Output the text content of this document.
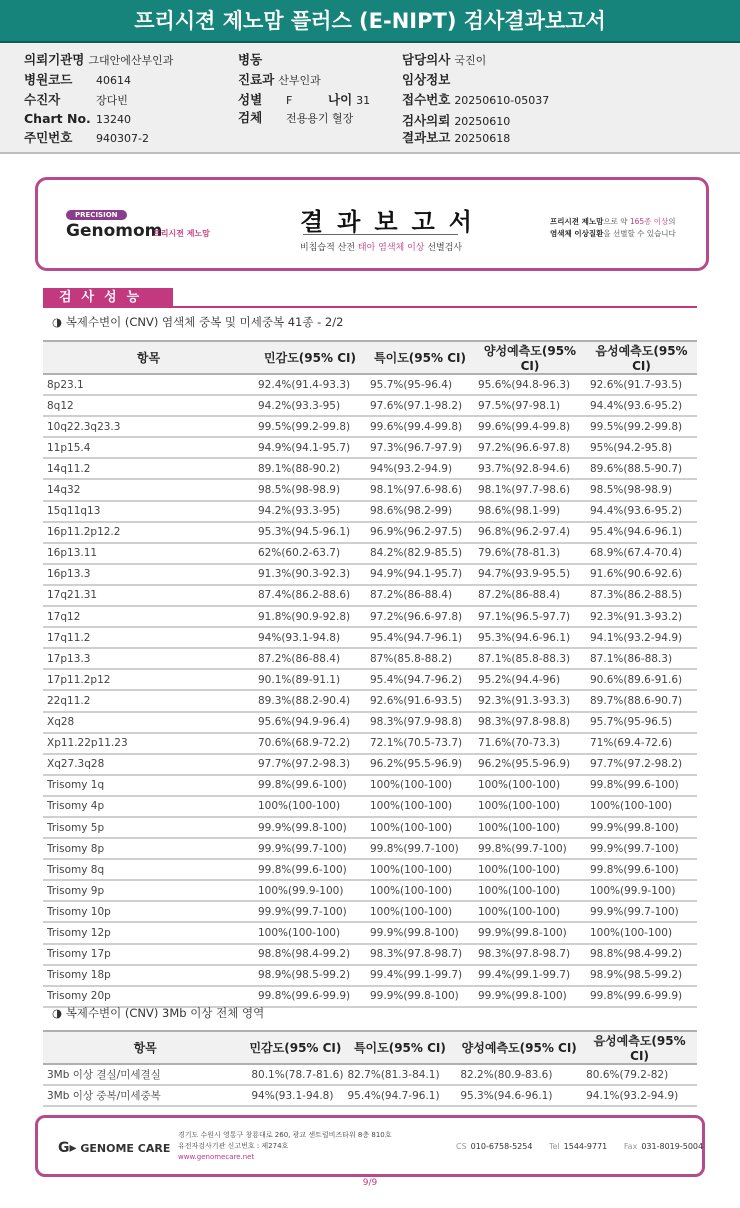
프리시젼 제노맘 플러스 (E-NIPT) 검사결과보고서
의뢰기관명 그대안에산부인과
병원코드 40614
수진자	장다빈
Chart No. 13240
주민번호 940307-2
병동
진료과 산부인과
성별 F	나이 31
검체 전용용기 혈장
담당의사 국진이
임상정보
접수번호 20250610-05037
검사의뢰 20250610
결과보고 20250618
PRECISION
Genomom
프리시젼 제노맘	결과보고서
비침습적 산전 태아 염색체 이상 선별검사
프리시젼 제노맘으로 약 165종 이상의
염색체 이상질환을 선별할 수 있습니다
검사성능
◑ 복제수변이 (CNV) 염색체 중복 및 미세중복 41종 - 2/2
항목	민감도(95% CI)	특이도(95% CI)	양성예측도(95% CI)	음성예측도(95% CI)
8p23.1	92.4%(91.4-93.3)	95.7%(95-96.4)	95.6%(94.8-96.3)	92.6%(91.7-93.5)
8q12	94.2%(93.3-95)	97.6%(97.1-98.2)	97.5%(97-98.1)	94.4%(93.6-95.2)
10q22.3q23.3	99.5%(99.2-99.8)	99.6%(99.4-99.8)	99.6%(99.4-99.8)	99.5%(99.2-99.8)
11p15.4	94.9%(94.1-95.7)	97.3%(96.7-97.9)	97.2%(96.6-97.8)	95%(94.2-95.8)
14q11.2	89.1%(88-90.2)	94%(93.2-94.9)	93.7%(92.8-94.6)	89.6%(88.5-90.7)
14q32	98.5%(98-98.9)	98.1%(97.6-98.6)	98.1%(97.7-98.6)	98.5%(98-98.9)
15q11q13	94.2%(93.3-95)	98.6%(98.2-99)	98.6%(98.1-99)	94.4%(93.6-95.2)
16p11.2p12.2	95.3%(94.5-96.1)	96.9%(96.2-97.5)	96.8%(96.2-97.4)	95.4%(94.6-96.1)
16p13.11	62%(60.2-63.7)	84.2%(82.9-85.5)	79.6%(78-81.3)	68.9%(67.4-70.4)
16p13.3	91.3%(90.3-92.3)	94.9%(94.1-95.7)	94.7%(93.9-95.5)	91.6%(90.6-92.6)
17q21.31	87.4%(86.2-88.6)	87.2%(86-88.4)	87.2%(86-88.4)	87.3%(86.2-88.5)
17q12	91.8%(90.9-92.8)	97.2%(96.6-97.8)	97.1%(96.5-97.7)	92.3%(91.3-93.2)
17q11.2	94%(93.1-94.8)	95.4%(94.7-96.1)	95.3%(94.6-96.1)	94.1%(93.2-94.9)
17p13.3	87.2%(86-88.4)	87%(85.8-88.2)	87.1%(85.8-88.3)	87.1%(86-88.3)
17p11.2p12	90.1%(89-91.1)	95.4%(94.7-96.2)	95.2%(94.4-96)	90.6%(89.6-91.6)
22q11.2	89.3%(88.2-90.4)	92.6%(91.6-93.5)	92.3%(91.3-93.3)	89.7%(88.6-90.7)
Xq28	95.6%(94.9-96.4)	98.3%(97.9-98.8)	98.3%(97.8-98.8)	95.7%(95-96.5)
Xp11.22p11.23	70.6%(68.9-72.2)	72.1%(70.5-73.7)	71.6%(70-73.3)	71%(69.4-72.6)
Xq27.3q28	97.7%(97.2-98.3)	96.2%(95.5-96.9)	96.2%(95.5-96.9)	97.7%(97.2-98.2)
Trisomy 1q	99.8%(99.6-100)	100%(100-100)	100%(100-100)	99.8%(99.6-100)
Trisomy 4p	100%(100-100)	100%(100-100)	100%(100-100)	100%(100-100)
Trisomy 5p	99.9%(99.8-100)	100%(100-100)	100%(100-100)	99.9%(99.8-100)
Trisomy 8p	99.9%(99.7-100)	99.8%(99.7-100)	99.8%(99.7-100)	99.9%(99.7-100)
Trisomy 8q	99.8%(99.6-100)	100%(100-100)	100%(100-100)	99.8%(99.6-100)
Trisomy 9p	100%(99.9-100)	100%(100-100)	100%(100-100)	100%(99.9-100)
Trisomy 10p	99.9%(99.7-100)	100%(100-100)	100%(100-100)	99.9%(99.7-100)
Trisomy 12p	100%(100-100)	99.9%(99.8-100)	99.9%(99.8-100)	100%(100-100)
Trisomy 17p	98.8%(98.4-99.2)	98.3%(97.8-98.7)	98.3%(97.8-98.7)	98.8%(98.4-99.2)
Trisomy 18p	98.9%(98.5-99.2)	99.4%(99.1-99.7)	99.4%(99.1-99.7)	98.9%(98.5-99.2)
Trisomy 20p	99.8%(99.6-99.9)	99.9%(99.8-100)	99.9%(99.8-100)	99.8%(99.6-99.9)
◑ 복제수변이 (CNV) 3Mb 이상 전체 영역
항목	민감도(95% CI)	특이도(95% CI)	양성예측도(95% CI)	음성예측도(95% CI)
3Mb 이상 결실/미세결실	80.1%(78.7-81.6)	82.7%(81.3-84.1)	82.2%(80.9-83.6)	80.6%(79.2-82)
3Mb 이상 중복/미세중복	94%(93.1-94.8)	95.4%(94.7-96.1)	95.3%(94.6-96.1)	94.1%(93.2-94.9)
G▸ GENOME CARE
경기도 수원시 영통구 창룡대로 260, 광교 센트럴비즈타워 8층 810호
유전자검사기관 신고번호 : 제274호
www.genomecare.net
CS 010-6758-5254 Tel 1544-9771 Fax 031-8019-5004
9/9
